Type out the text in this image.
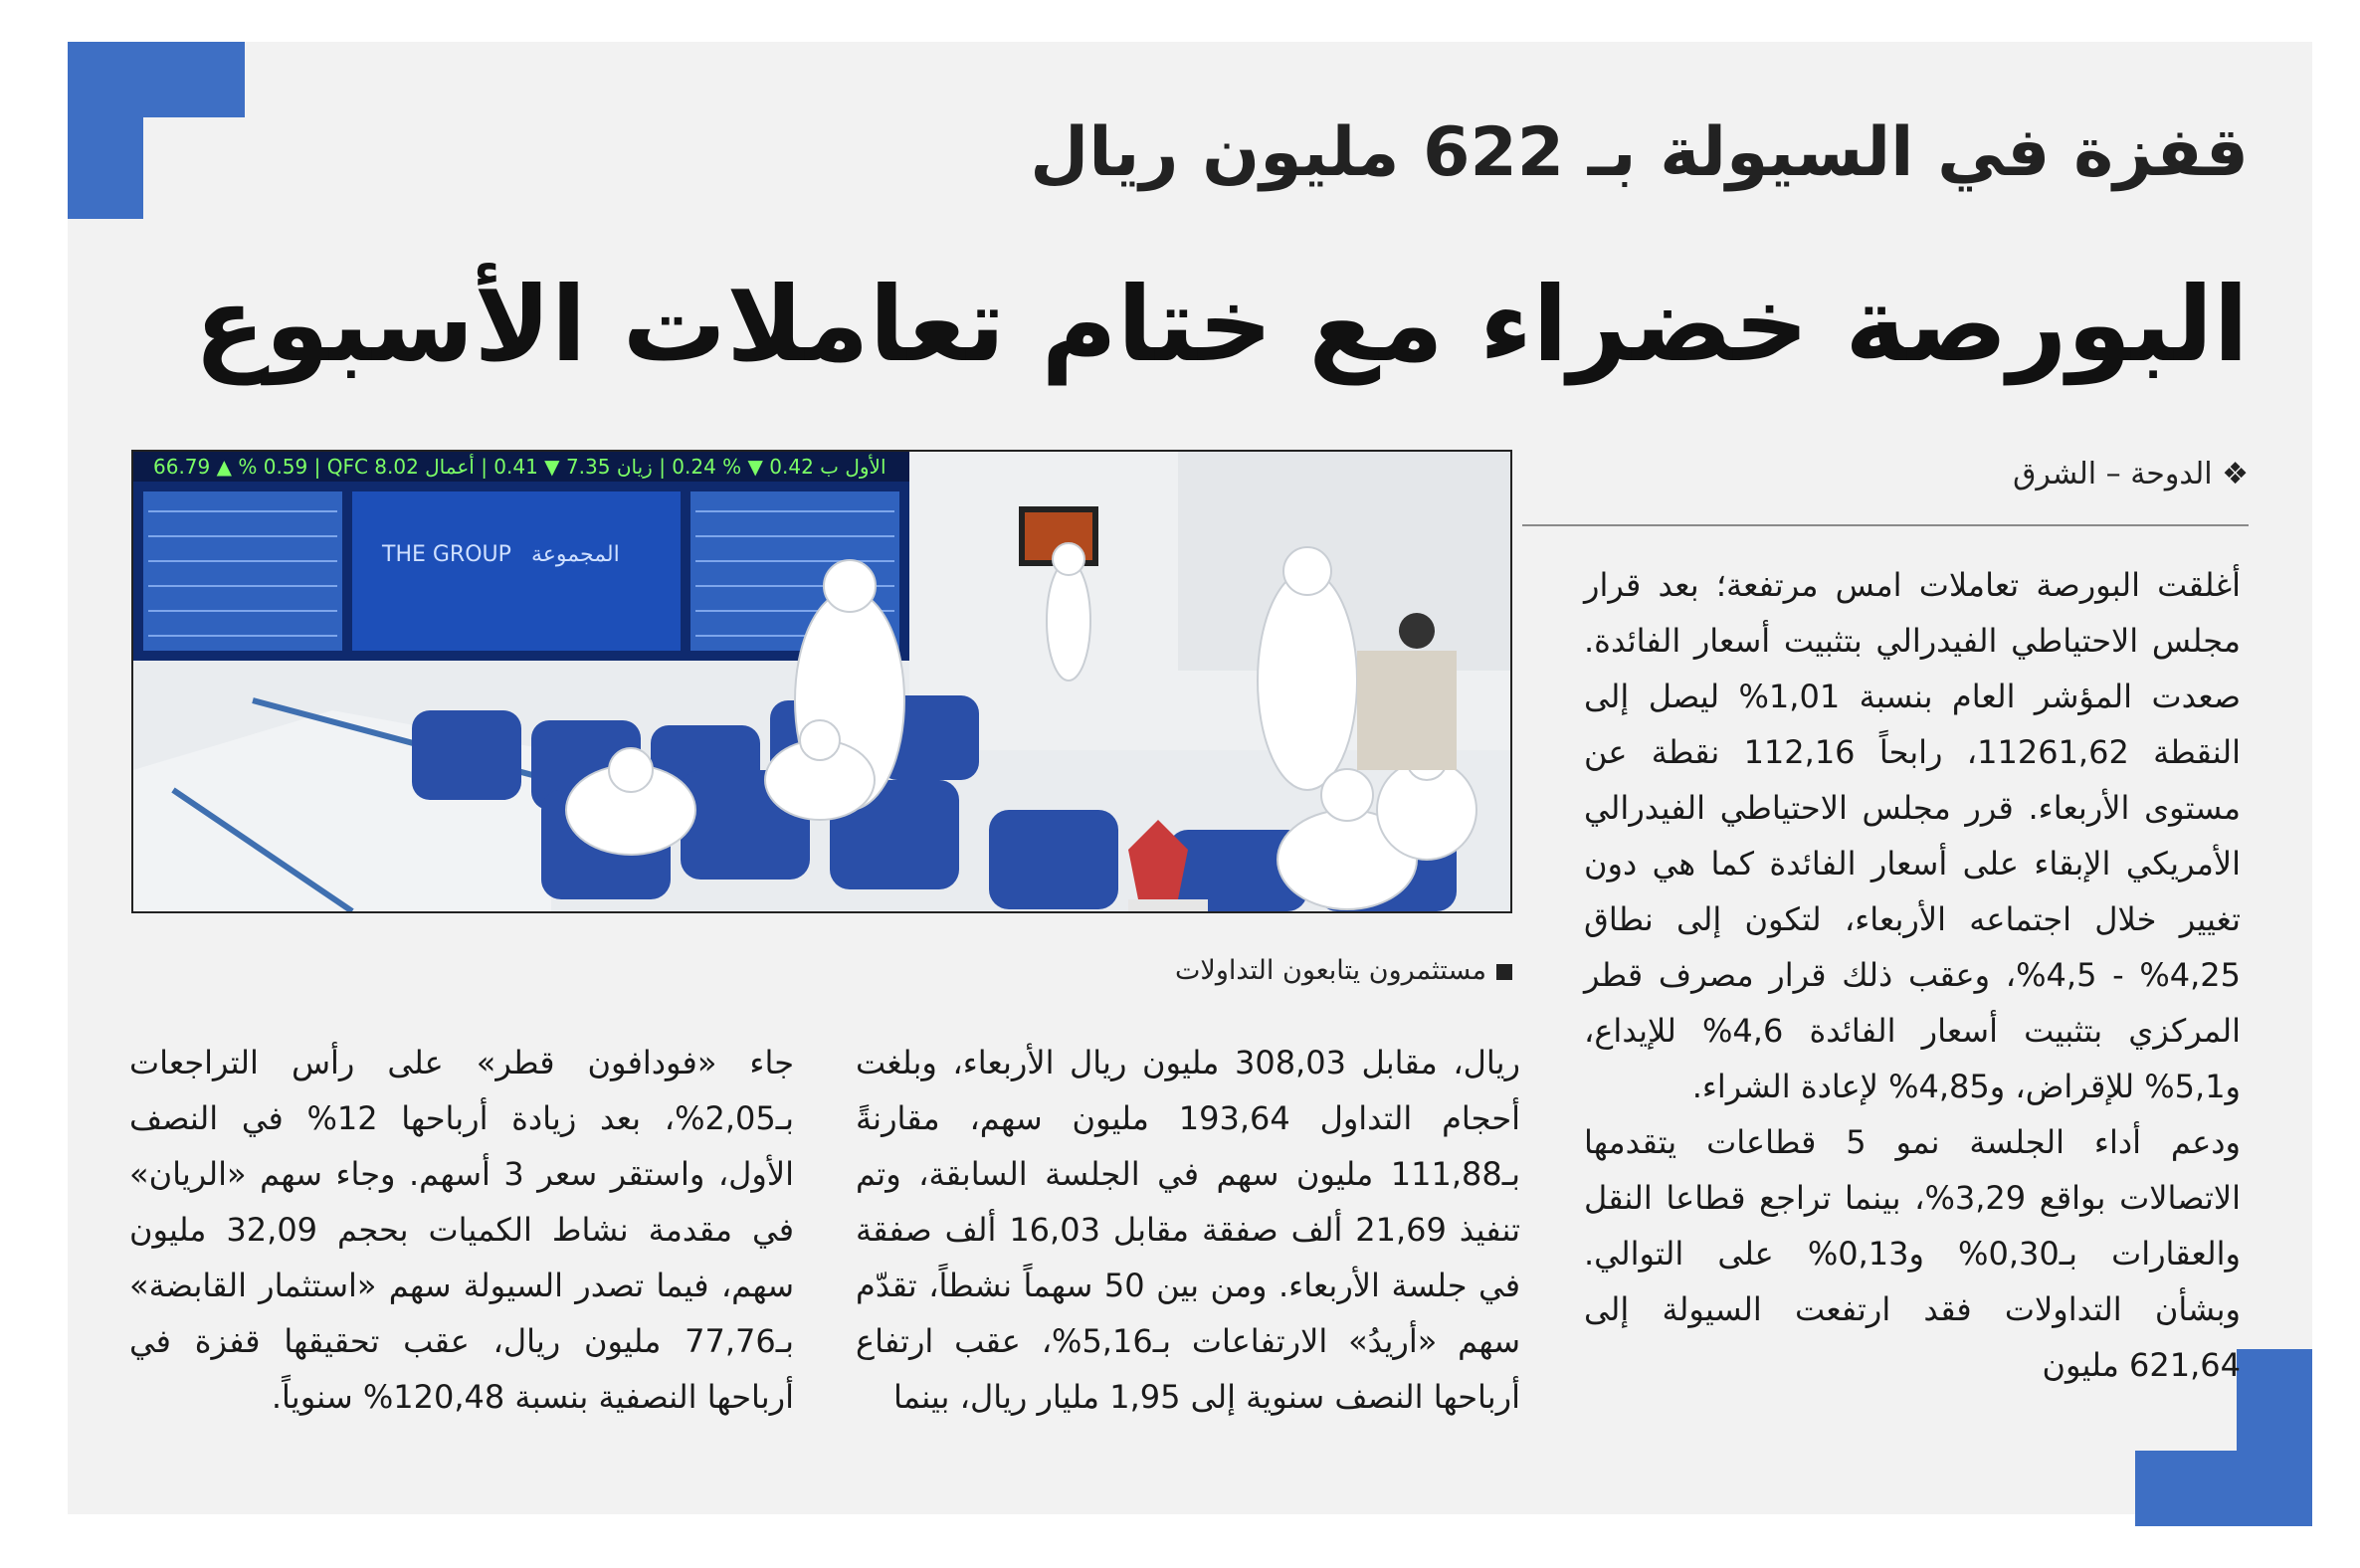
قفزة في السيولة بـ 622 مليون ريال
البورصة خضراء مع ختام تعاملات الأسبوع
❖ الدوحة – الشرق
66.79 ▲ % 0.59 | QFC الأول ب 0.42 ▼ % 0.24 | زيان 7.35 ▼ 0.41 | أعمال 8.02
THE GROUP المجموعة
مستثمرون يتابعون التداولات

أغلقت البورصة تعاملات امس مرتفعة؛ بعد قرار مجلس الاحتياطي الفيدرالي بتثبيت أسعار الفائدة. صعدت المؤشر العام بنسبة 1,01% ليصل إلى النقطة 11261,62، رابحاً 112,16 نقطة عن مستوى الأربعاء. قرر مجلس الاحتياطي الفيدرالي الأمريكي الإبقاء على أسعار الفائدة كما هي دون تغيير خلال اجتماعه الأربعاء، لتكون إلى نطاق 4,25% - 4,5%، وعقب ذلك قرار مصرف قطر المركزي بتثبيت أسعار الفائدة 4,6% للإيداع، و5,1% للإقراض، و4,85% لإعادة الشراء.

ودعم أداء الجلسة نمو 5 قطاعات يتقدمها الاتصالات بواقع 3,29%، بينما تراجع قطاعا النقل والعقارات بـ0,30% و0,13% على التوالي. وبشأن التداولات فقد ارتفعت السيولة إلى 621,64 مليون

ريال، مقابل 308,03 مليون ريال الأربعاء، وبلغت أحجام التداول 193,64 مليون سهم، مقارنةً بـ111,88 مليون سهم في الجلسة السابقة، وتم تنفيذ 21,69 ألف صفقة مقابل 16,03 ألف صفقة في جلسة الأربعاء. ومن بين 50 سهماً نشطاً، تقدّم سهم «أريدُ» الارتفاعات بـ5,16%، عقب ارتفاع أرباحها النصف سنوية إلى 1,95 مليار ريال، بينما

جاء «فودافون قطر» على رأس التراجعات بـ2,05%، بعد زيادة أرباحها 12% في النصف الأول، واستقر سعر 3 أسهم. وجاء سهم «الريان» في مقدمة نشاط الكميات بحجم 32,09 مليون سهم، فيما تصدر السيولة سهم «استثمار القابضة» بـ77,76 مليون ريال، عقب تحقيقها قفزة في أرباحها النصفية بنسبة 120,48% سنوياً.
